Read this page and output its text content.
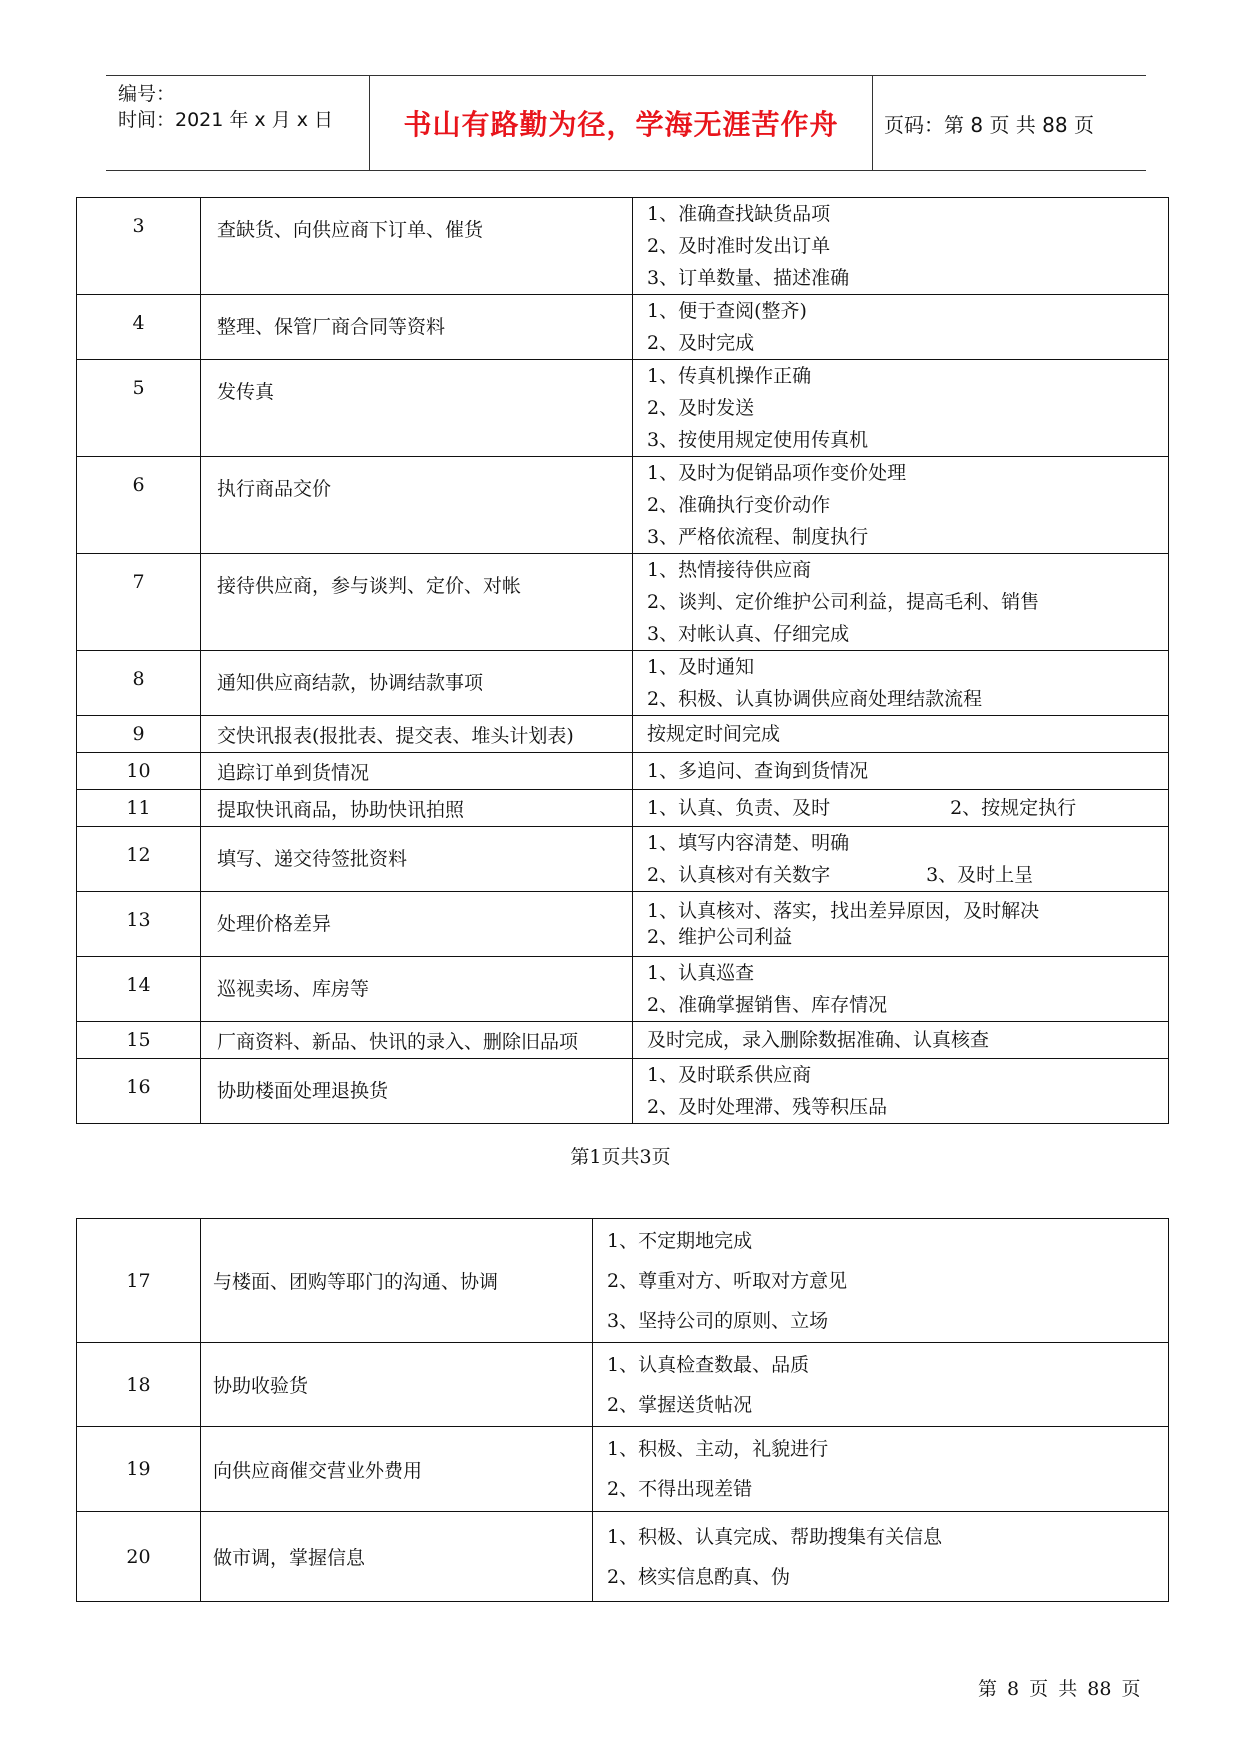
编号：
时间：2021 年 x 月 x 日	书山有路勤为径，学海无涯苦作舟	页码：第 8 页 共 88 页
3	查缺货、向供应商下订单、催货	1、准确查找缺货品项
2、及时准时发出订单
3、订单数量、描述准确

4	整理、保管厂商合同等资料	1、便于查阅(整齐)
2、及时完成

5	发传真	1、传真机操作正确
2、及时发送
3、按使用规定使用传真机

6	执行商品交价	1、及时为促销品项作变价处理
2、准确执行变价动作
3、严格依流程、制度执行

7	接待供应商，参与谈判、定价、对帐	1、热情接待供应商
2、谈判、定价维护公司利益，提高毛利、销售
3、对帐认真、仔细完成

8	通知供应商结款，协调结款事项	1、及时通知
2、积极、认真协调供应商处理结款流程

9	交快讯报表(报批表、提交表、堆头计划表)	按规定时间完成

10	追踪订单到货情况	1、多追问、查询到货情况

11	提取快讯商品，协助快讯拍照	1、认真、负责、及时 2、按规定执行

12	填写、递交待签批资料	1、填写内容清楚、明确
2、认真核对有关数字 3、及时上呈

13	处理价格差异	1、认真核对、落实，找出差异原因，及时解决
2、维护公司利益

14	巡视卖场、库房等	1、认真巡查
2、准确掌握销售、库存情况

15	厂商资料、新品、快讯的录入、删除旧品项	及时完成，录入删除数据准确、认真核查

16	协助楼面处理退换货	1、及时联系供应商
2、及时处理滞、残等积压品
第1页共3页
17	与楼面、团购等耶门的沟通、协调	1、不定期地完成
2、尊重对方、听取对方意见
3、坚持公司的原则、立场

18	协助收验货	1、认真检查数最、品质
2、掌握送货帖况

19	向供应商催交营业外费用	1、积极、主动，礼貌进行
2、不得出现差错

20	做市调，掌握信息	1、积极、认真完成、帮助搜集有关信息
2、核实信息酌真、伪
第 8 页 共 88 页
